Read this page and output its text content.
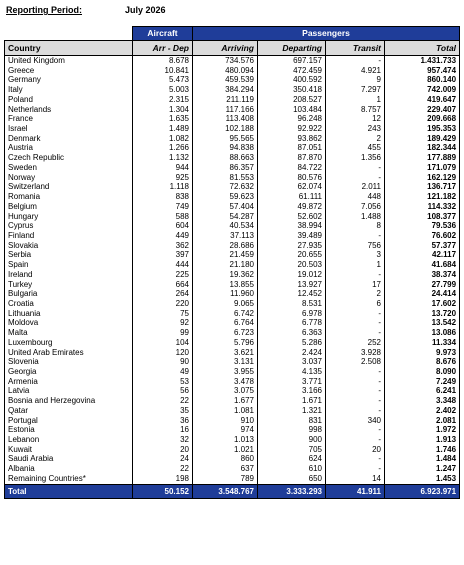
Reporting Period:	July 2026
	Aircraft	Passengers			
Country	Arr - Dep	Arriving	Departing	Transit	Total
United Kingdom	8.678	734.576	697.157	-	1.431.733
Greece	10.841	480.094	472.459	4.921	957.474
Germany	5.473	459.539	400.592	9	860.140
Italy	5.003	384.294	350.418	7.297	742.009
Poland	2.315	211.119	208.527	1	419.647
Netherlands	1.304	117.166	103.484	8.757	229.407
France	1.635	113.408	96.248	12	209.668
Israel	1.489	102.188	92.922	243	195.353
Denmark	1.082	95.565	93.862	2	189.429
Austria	1.266	94.838	87.051	455	182.344
Czech Republic	1.132	88.663	87.870	1.356	177.889
Sweden	944	86.357	84.722	-	171.079
Norway	925	81.553	80.576	-	162.129
Switzerland	1.118	72.632	62.074	2.011	136.717
Romania	838	59.623	61.111	448	121.182
Belgium	749	57.404	49.872	7.056	114.332
Hungary	588	54.287	52.602	1.488	108.377
Cyprus	604	40.534	38.994	8	79.536
Finland	449	37.113	39.489	-	76.602
Slovakia	362	28.686	27.935	756	57.377
Serbia	397	21.459	20.655	3	42.117
Spain	444	21.180	20.503	1	41.684
Ireland	225	19.362	19.012	-	38.374
Turkey	664	13.855	13.927	17	27.799
Bulgaria	264	11.960	12.452	2	24.414
Croatia	220	9.065	8.531	6	17.602
Lithuania	75	6.742	6.978	-	13.720
Moldova	92	6.764	6.778	-	13.542
Malta	99	6.723	6.363	-	13.086
Luxembourg	104	5.796	5.286	252	11.334
United Arab Emirates	120	3.621	2.424	3.928	9.973
Slovenia	90	3.131	3.037	2.508	8.676
Georgia	49	3.955	4.135	-	8.090
Armenia	53	3.478	3.771	-	7.249
Latvia	56	3.075	3.166	-	6.241
Bosnia and Herzegovina	22	1.677	1.671	-	3.348
Qatar	35	1.081	1.321	-	2.402
Portugal	36	910	831	340	2.081
Estonia	16	974	998	-	1.972
Lebanon	32	1.013	900	-	1.913
Kuwait	20	1.021	705	20	1.746
Saudi Arabia	24	860	624	-	1.484
Albania	22	637	610	-	1.247
Remaining Countries*	198	789	650	14	1.453
Total	50.152	3.548.767	3.333.293	41.911	6.923.971
